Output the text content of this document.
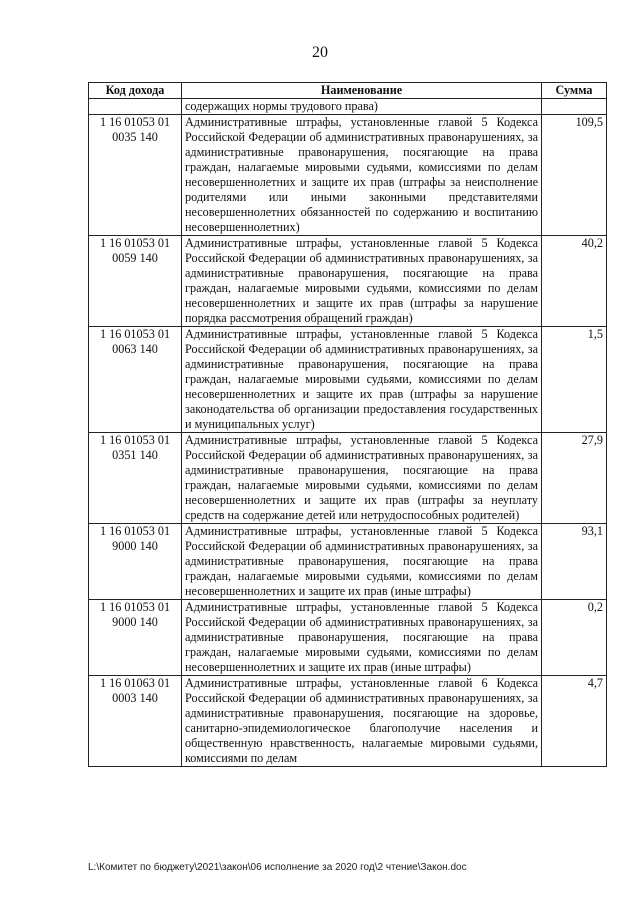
20
Код дохода	Наименование	Сумма
	содержащих нормы трудового права)	
1 16 01053 01
0035 140	Административные штрафы, установленные главой 5 Кодекса Российской Федерации об административных правонарушениях, за административные правонарушения, посягающие на права граждан, налагаемые мировыми судьями, комиссиями по делам несовершеннолетних и защите их прав (штрафы за неисполнение родителями или иными законными представителями несовершеннолетних обязанностей по содержанию и воспитанию несовершеннолетних)	109,5
1 16 01053 01
0059 140	Административные штрафы, установленные главой 5 Кодекса Российской Федерации об административных правонарушениях, за административные правонарушения, посягающие на права граждан, налагаемые мировыми судьями, комиссиями по делам несовершеннолетних и защите их прав (штрафы за нарушение порядка рассмотрения обращений граждан)	40,2
1 16 01053 01
0063 140	Административные штрафы, установленные главой 5 Кодекса Российской Федерации об административных правонарушениях, за административные правонарушения, посягающие на права граждан, налагаемые мировыми судьями, комиссиями по делам несовершеннолетних и защите их прав (штрафы за нарушение законодательства об организации предоставления государственных и муниципальных услуг)	1,5
1 16 01053 01
0351 140	Административные штрафы, установленные главой 5 Кодекса Российской Федерации об административных правонарушениях, за административные правонарушения, посягающие на права граждан, налагаемые мировыми судьями, комиссиями по делам несовершеннолетних и защите их прав (штрафы за неуплату средств на содержание детей или нетрудоспособных родителей)	27,9
1 16 01053 01
9000 140	Административные штрафы, установленные главой 5 Кодекса Российской Федерации об административных правонарушениях, за административные правонарушения, посягающие на права граждан, налагаемые мировыми судьями, комиссиями по делам несовершеннолетних и защите их прав (иные штрафы)	93,1
1 16 01053 01
9000 140	Административные штрафы, установленные главой 5 Кодекса Российской Федерации об административных правонарушениях, за административные правонарушения, посягающие на права граждан, налагаемые мировыми судьями, комиссиями по делам несовершеннолетних и защите их прав (иные штрафы)	0,2
1 16 01063 01
0003 140	Административные штрафы, установленные главой 6 Кодекса Российской Федерации об административных правонарушениях, за административные правонарушения, посягающие на здоровье, санитарно-эпидемиологическое благополучие населения и общественную нравственность, налагаемые мировыми судьями, комиссиями по делам	4,7
L:\Комитет по бюджету\2021\закон\06 исполнение за 2020 год\2 чтение\Закон.doc
